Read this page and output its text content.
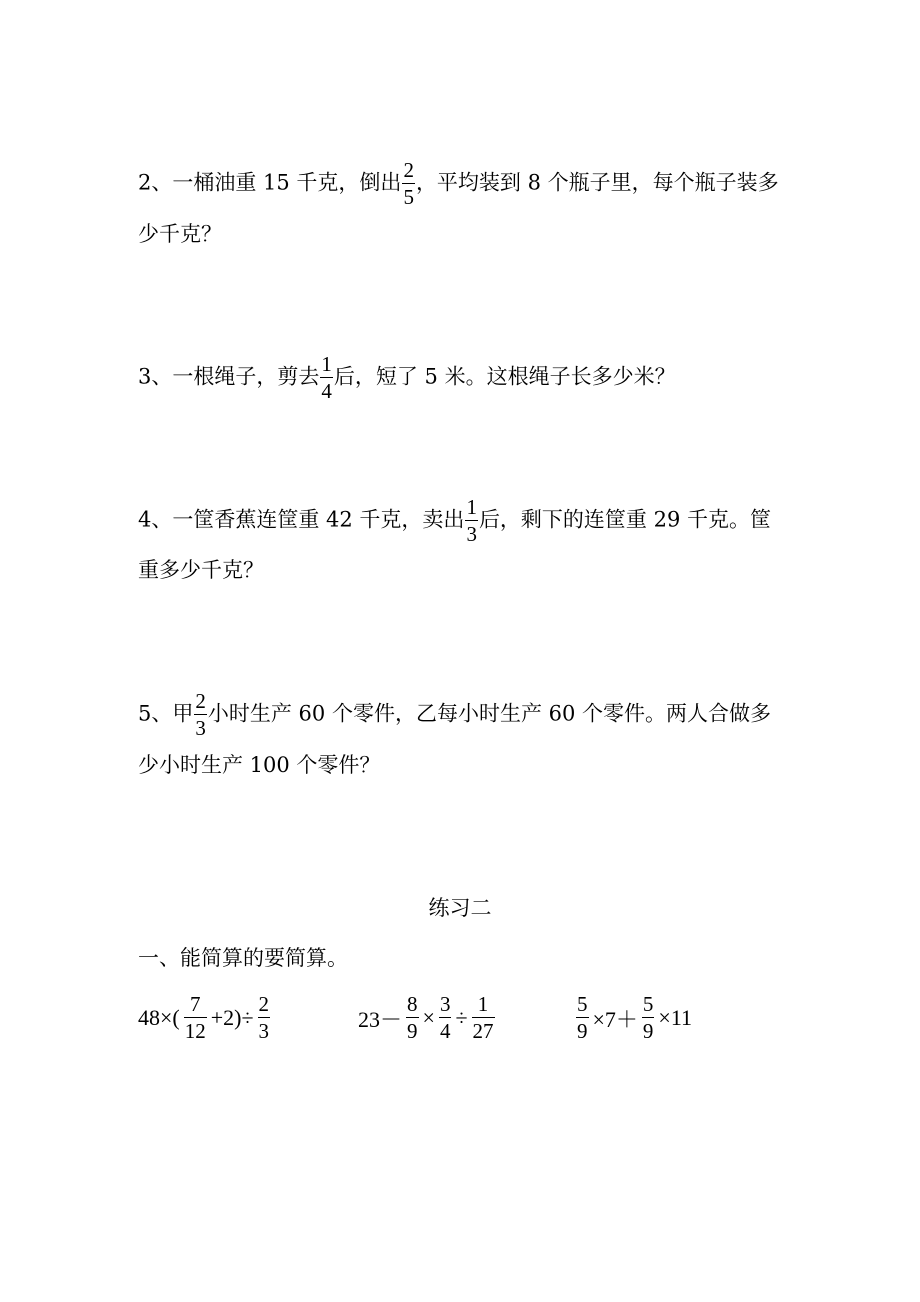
2、一桶油重 15 千克，倒出 $\frac{2}{5}$ ，平均装到 8 个瓶子里，每个瓶子装多
少千克？
3、一根绳子，剪去 $\frac{1}{4}$ 后，短了 5 米。这根绳子长多少米？
4、一筐香蕉连筐重 42 千克，卖出 $\frac{1}{3}$ 后，剩下的连筐重 29 千克。筐
重多少千克？
5、甲 $\frac{2}{3}$ 小时生产 60 个零件，乙每小时生产 60 个零件。两人合做多
少小时生产 100 个零件？
练习二
一、能简算的要简算。
$48\times( \frac{7}{12} +2)\div \frac{2}{3}$	$23- \frac{8}{9} \times \frac{3}{4} \div \frac{1}{27}$	$\frac{5}{9} \times 7+ \frac{5}{9} \times 11$
